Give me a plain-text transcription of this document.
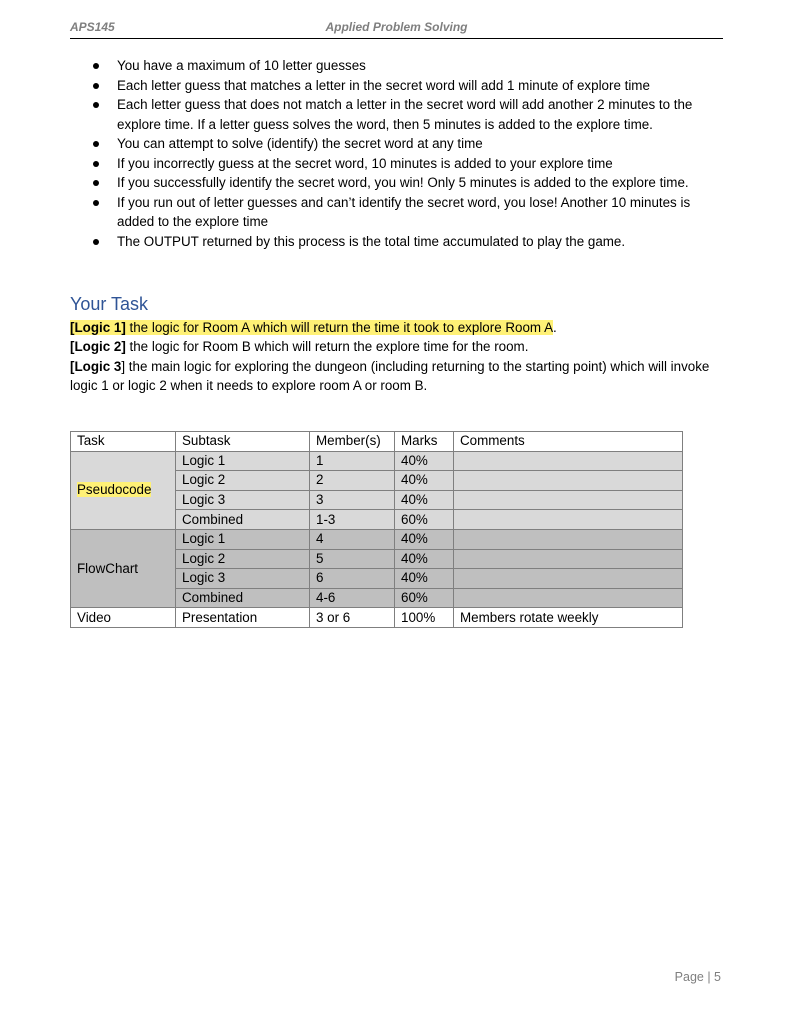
APS145	Applied Problem Solving
You have a maximum of 10 letter guesses
Each letter guess that matches a letter in the secret word will add 1 minute of explore time
Each letter guess that does not match a letter in the secret word will add another 2 minutes to the explore time. If a letter guess solves the word, then 5 minutes is added to the explore time.
You can attempt to solve (identify) the secret word at any time
If you incorrectly guess at the secret word, 10 minutes is added to your explore time
If you successfully identify the secret word, you win! Only 5 minutes is added to the explore time.
If you run out of letter guesses and can’t identify the secret word, you lose! Another 10 minutes is added to the explore time
The OUTPUT returned by this process is the total time accumulated to play the game.
Your Task
[Logic 1] the logic for Room A which will return the time it took to explore Room A.
[Logic 2] the logic for Room B which will return the explore time for the room.
[Logic 3] the main logic for exploring the dungeon (including returning to the starting point) which will invoke logic 1 or logic 2 when it needs to explore room A or room B.
Task	Subtask	Member(s)	Marks	Comments
Pseudocode	Logic 1	1	40%	
	Logic 2	2	40%	
	Logic 3	3	40%	
	Combined	1-3	60%	
FlowChart	Logic 1	4	40%	
	Logic 2	5	40%	
	Logic 3	6	40%	
	Combined	4-6	60%	
Video	Presentation	3 or 6	100%	Members rotate weekly
Page | 5
